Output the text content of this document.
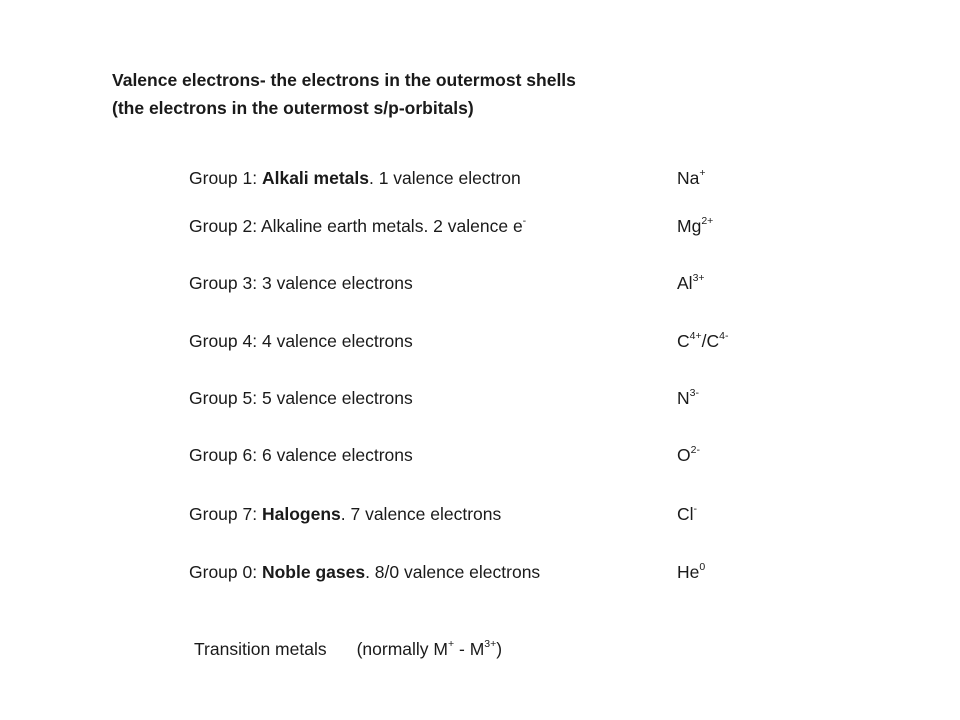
Valence electrons- the electrons in the outermost shells
(the electrons in the outermost s/p-orbitals)
Group 1: Alkali metals. 1 valence electron	Na+
Group 2: Alkaline earth metals. 2 valence e-	$Mg^{2+}$
Group 3: 3 valence electrons	$Al^{3+}$
Group 4: 4 valence electrons	$C^{4+}/C^{4-}$
Group 5: 5 valence electrons	$N^{3-}$
Group 6: 6 valence electrons	$O^{2-}$
Group 7: Halogens. 7 valence electrons	Cl-
Group 0: Noble gases. 8/0 valence electrons	He$^0$
Transition metals (normally $M^+ - M^{3+}$)
